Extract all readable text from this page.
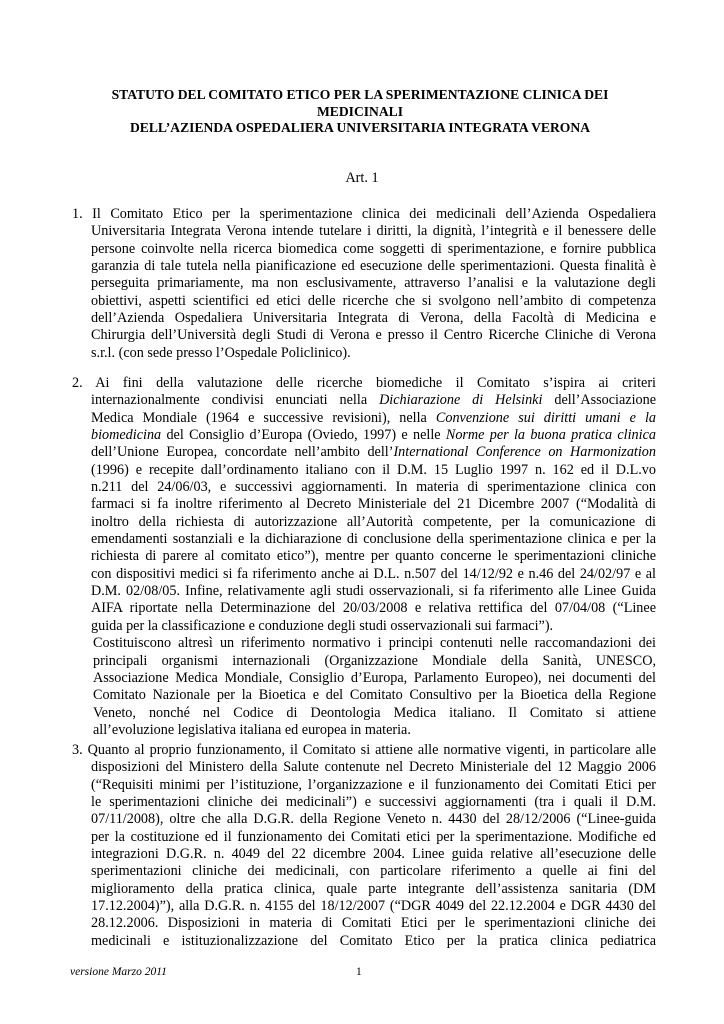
STATUTO DEL COMITATO ETICO PER LA SPERIMENTAZIONE CLINICA DEI
MEDICINALI
DELL’AZIENDA OSPEDALIERA UNIVERSITARIA INTEGRATA VERONA
Art. 1
1. Il Comitato Etico per la sperimentazione clinica dei medicinali dell’Azienda Ospedaliera
Universitaria Integrata Verona intende tutelare i diritti, la dignità, l’integrità e il benessere delle
persone coinvolte nella ricerca biomedica come soggetti di sperimentazione, e fornire pubblica
garanzia di tale tutela nella pianificazione ed esecuzione delle sperimentazioni. Questa finalità è
perseguita primariamente, ma non esclusivamente, attraverso l’analisi e la valutazione degli
obiettivi, aspetti scientifici ed etici delle ricerche che si svolgono nell’ambito di competenza
dell’Azienda Ospedaliera Universitaria Integrata di Verona, della Facoltà di Medicina e
Chirurgia dell’Università degli Studi di Verona e presso il Centro Ricerche Cliniche di Verona
s.r.l. (con sede presso l’Ospedale Policlinico).
2. Ai fini della valutazione delle ricerche biomediche il Comitato s’ispira ai criteri
internazionalmente condivisi enunciati nella Dichiarazione di Helsinki dell’Associazione
Medica Mondiale (1964 e successive revisioni), nella Convenzione sui diritti umani e la
biomedicina del Consiglio d’Europa (Oviedo, 1997) e nelle Norme per la buona pratica clinica
dell’Unione Europea, concordate nell’ambito dell’International Conference on Harmonization
(1996) e recepite dall’ordinamento italiano con il D.M. 15 Luglio 1997 n. 162 ed il D.L.vo
n.211 del 24/06/03, e successivi aggiornamenti. In materia di sperimentazione clinica con
farmaci si fa inoltre riferimento al Decreto Ministeriale del 21 Dicembre 2007 (“Modalità di
inoltro della richiesta di autorizzazione all’Autorità competente, per la comunicazione di
emendamenti sostanziali e la dichiarazione di conclusione della sperimentazione clinica e per la
richiesta di parere al comitato etico”), mentre per quanto concerne le sperimentazioni cliniche
con dispositivi medici si fa riferimento anche ai D.L. n.507 del 14/12/92 e n.46 del 24/02/97 e al
D.M. 02/08/05. Infine, relativamente agli studi osservazionali, si fa riferimento alle Linee Guida
AIFA riportate nella Determinazione del 20/03/2008 e relativa rettifica del 07/04/08 (“Linee
guida per la classificazione e conduzione degli studi osservazionali sui farmaci”).
Costituiscono altresì un riferimento normativo i principi contenuti nelle raccomandazioni dei
principali organismi internazionali (Organizzazione Mondiale della Sanità, UNESCO,
Associazione Medica Mondiale, Consiglio d’Europa, Parlamento Europeo), nei documenti del
Comitato Nazionale per la Bioetica e del Comitato Consultivo per la Bioetica della Regione
Veneto, nonché nel Codice di Deontologia Medica italiano. Il Comitato si attiene
all’evoluzione legislativa italiana ed europea in materia.
3. Quanto al proprio funzionamento, il Comitato si attiene alle normative vigenti, in particolare alle
disposizioni del Ministero della Salute contenute nel Decreto Ministeriale del 12 Maggio 2006
(“Requisiti minimi per l’istituzione, l’organizzazione e il funzionamento dei Comitati Etici per
le sperimentazioni cliniche dei medicinali”) e successivi aggiornamenti (tra i quali il D.M.
07/11/2008), oltre che alla D.G.R. della Regione Veneto n. 4430 del 28/12/2006 (“Linee-guida
per la costituzione ed il funzionamento dei Comitati etici per la sperimentazione. Modifiche ed
integrazioni D.G.R. n. 4049 del 22 dicembre 2004. Linee guida relative all’esecuzione delle
sperimentazioni cliniche dei medicinali, con particolare riferimento a quelle ai fini del
miglioramento della pratica clinica, quale parte integrante dell’assistenza sanitaria (DM
17.12.2004)”), alla D.G.R. n. 4155 del 18/12/2007 (“DGR 4049 del 22.12.2004 e DGR 4430 del
28.12.2006. Disposizioni in materia di Comitati Etici per le sperimentazioni cliniche dei
medicinali e istituzionalizzazione del Comitato Etico per la pratica clinica pediatrica
versione Marzo 2011	1
